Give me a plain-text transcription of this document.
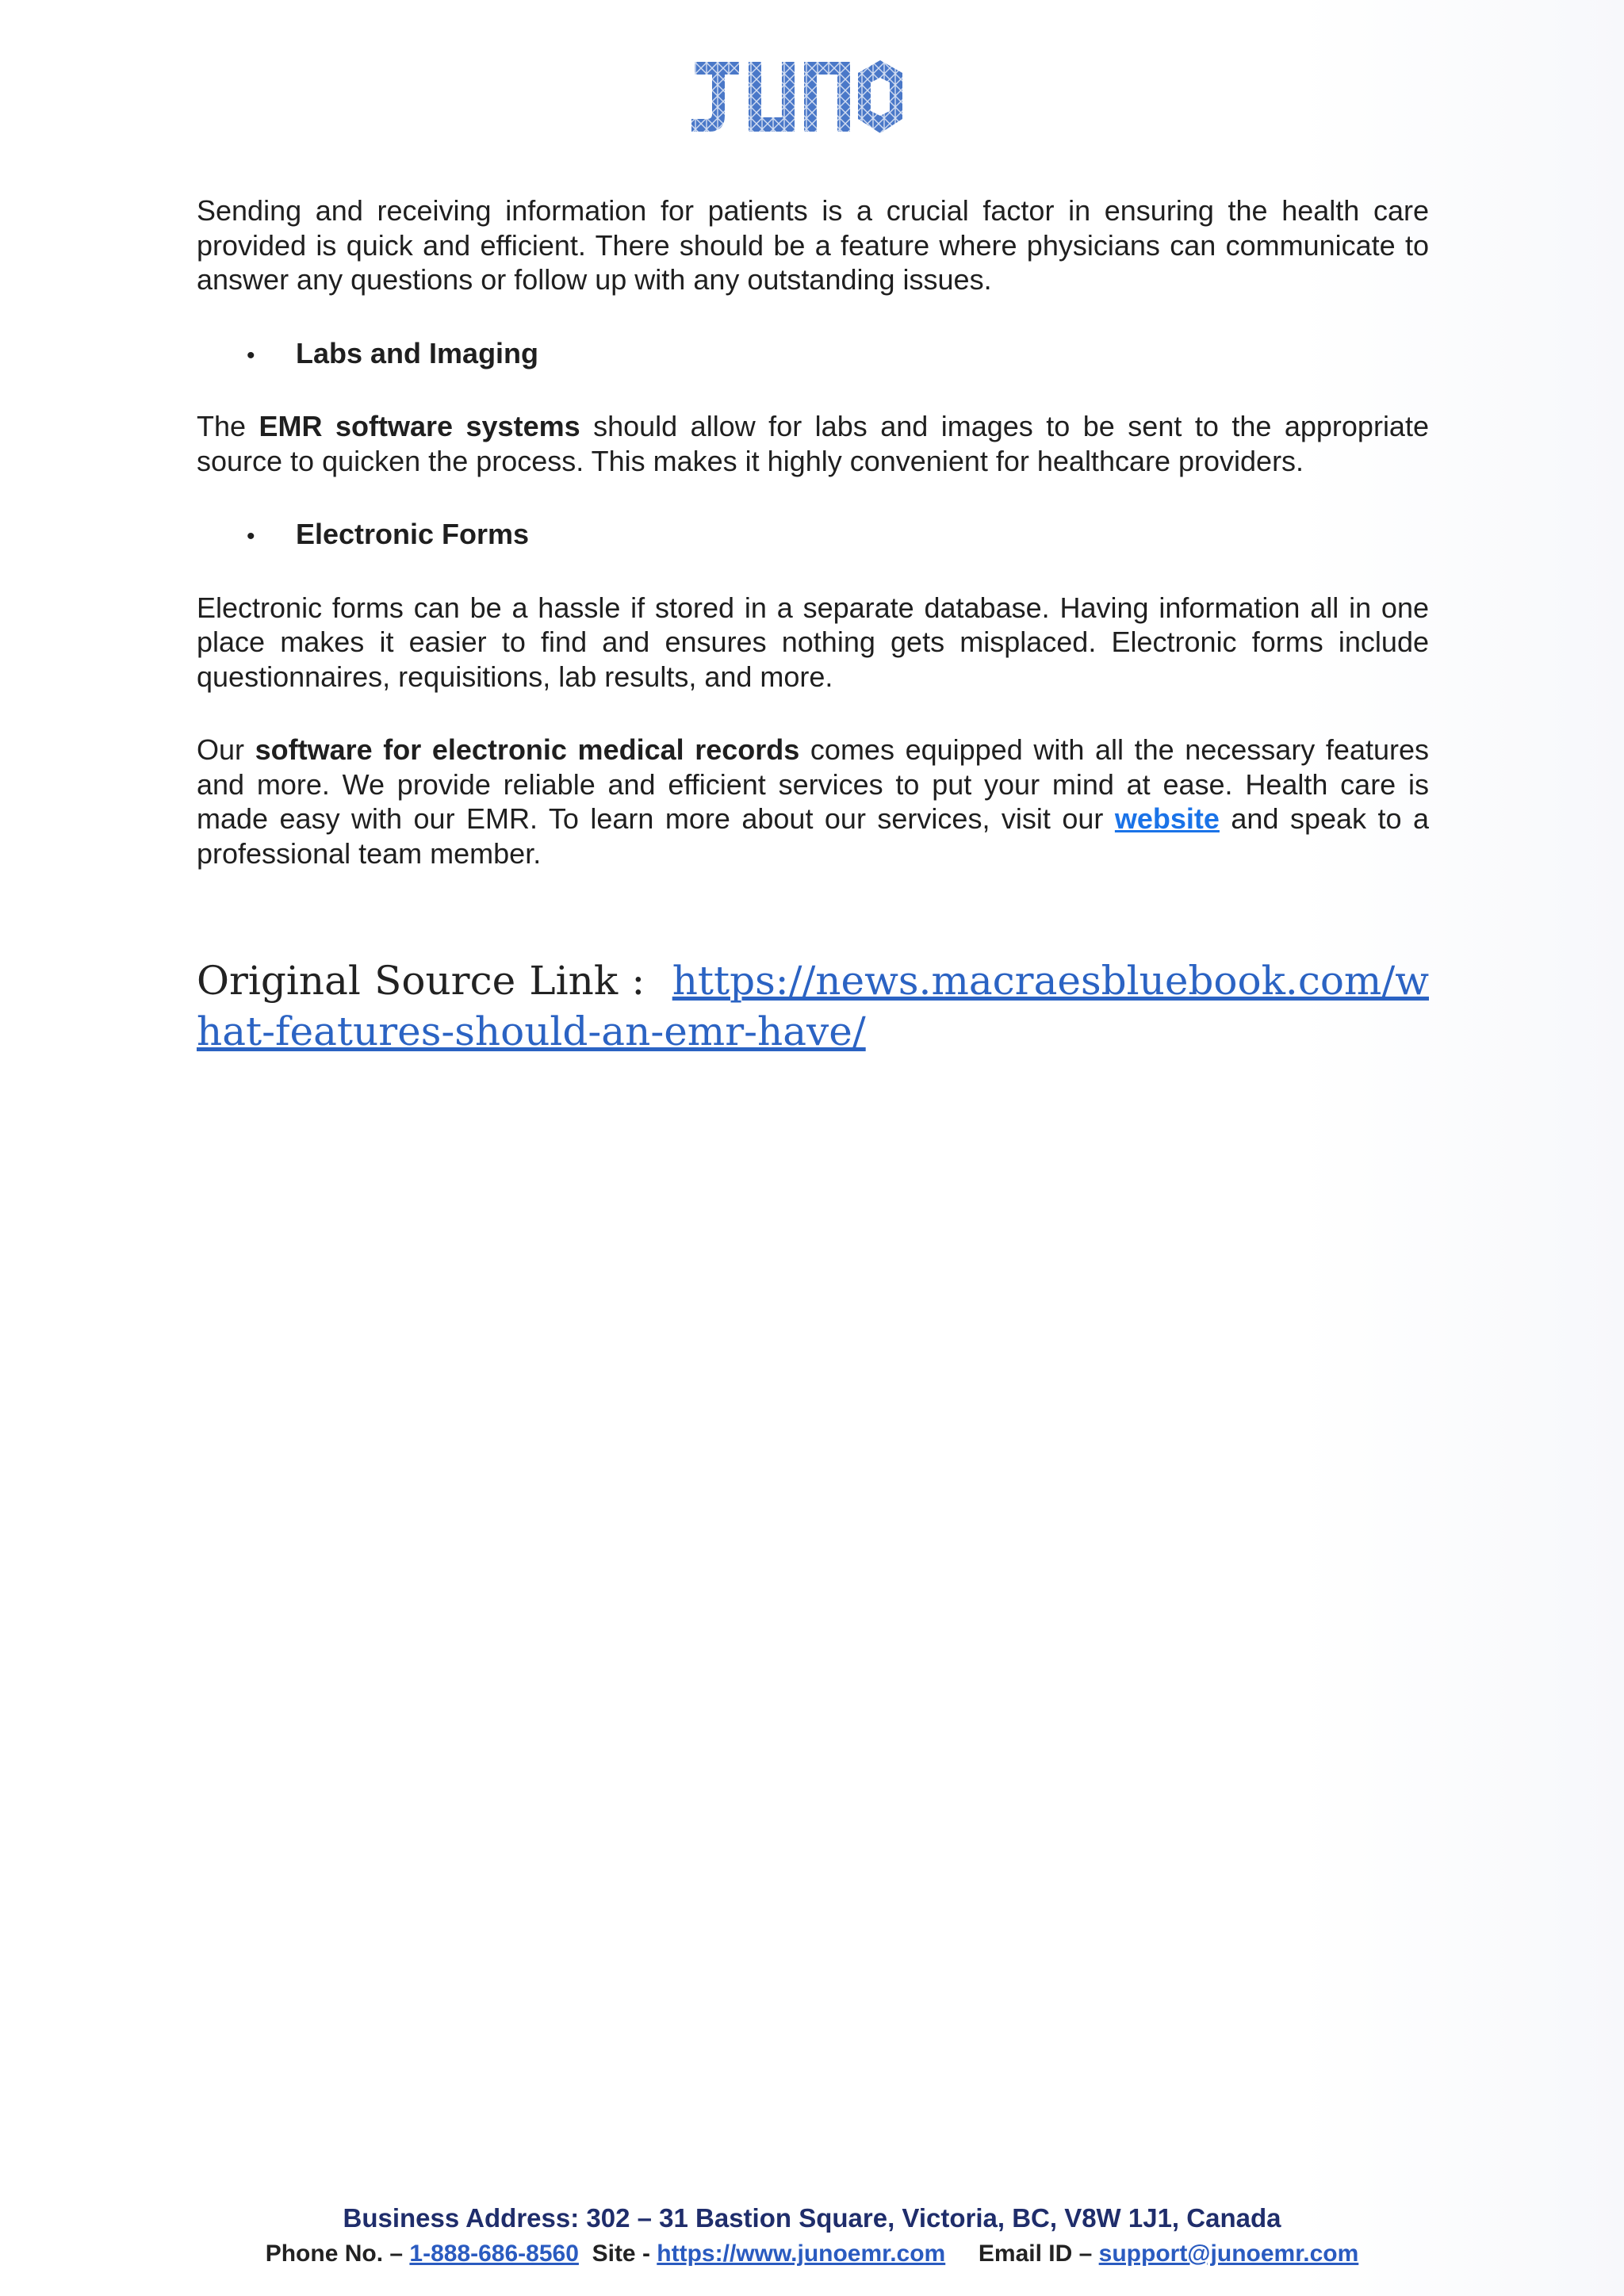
Sending and receiving information for patients is a crucial factor in ensuring the health care provided is quick and efficient. There should be a feature where physicians can communicate to answer any questions or follow up with any outstanding issues.

•	Labs and Imaging

The EMR software systems should allow for labs and images to be sent to the appropriate source to quicken the process. This makes it highly convenient for healthcare providers.

•	Electronic Forms

Electronic forms can be a hassle if stored in a separate database. Having information all in one place makes it easier to find and ensures nothing gets misplaced. Electronic forms include questionnaires, requisitions, lab results, and more.

Our software for electronic medical records comes equipped with all the necessary features and more. We provide reliable and efficient services to put your mind at ease. Health care is made easy with our EMR. To learn more about our services, visit our website and speak to a professional team member.

Original Source Link : https://news.macraesbluebook.com/what-features-should-an-emr-have/
Business Address: 302 – 31 Bastion Square, Victoria, BC, V8W 1J1, Canada
Phone No. – 1-888-686-8560 Site - https://www.junoemr.com Email ID – support@junoemr.com
